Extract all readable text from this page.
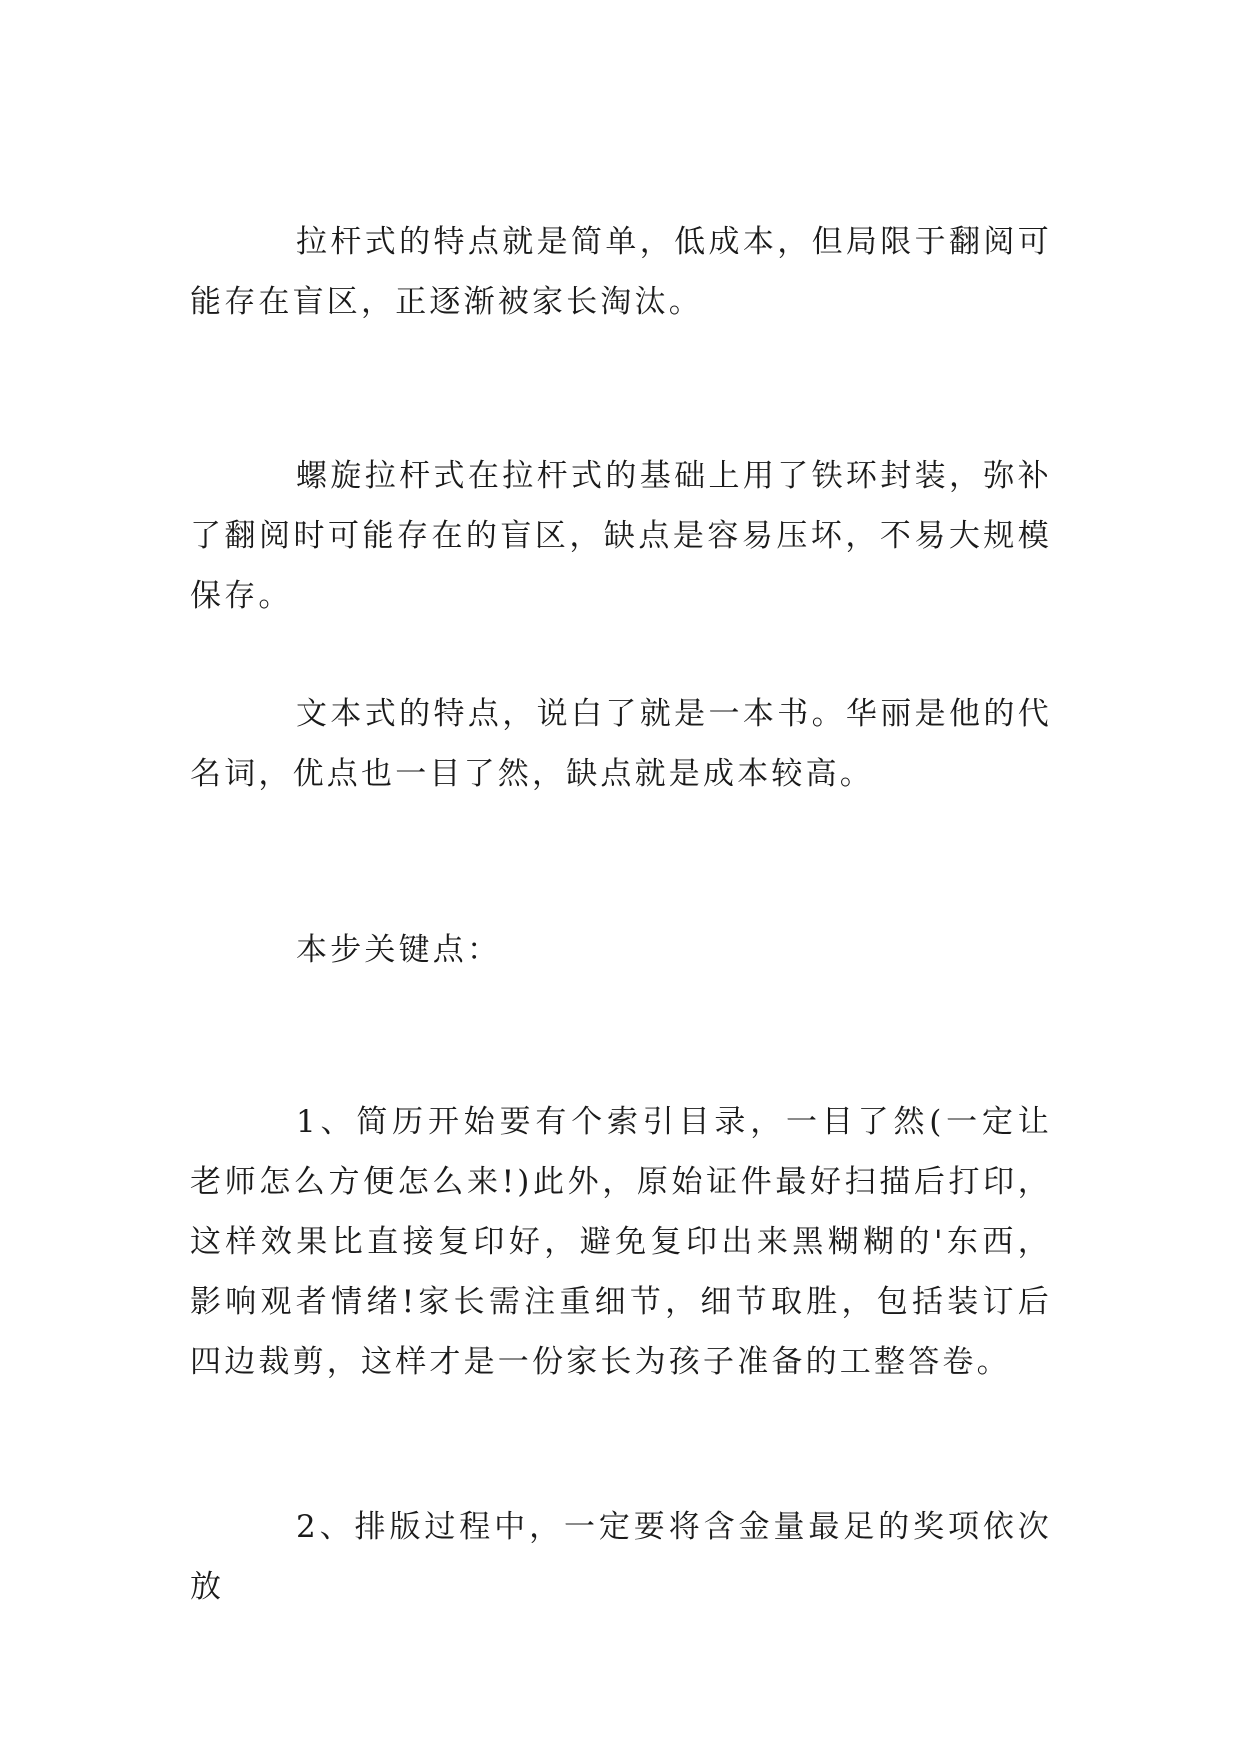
拉杆式的特点就是简单，低成本，但局限于翻阅可能存在盲区，正逐渐被家长淘汰。

螺旋拉杆式在拉杆式的基础上用了铁环封装，弥补了翻阅时可能存在的盲区，缺点是容易压坏，不易大规模保存。

文本式的特点，说白了就是一本书。华丽是他的代名词，优点也一目了然，缺点就是成本较高。

本步关键点：

1、简历开始要有个索引目录，一目了然(一定让老师怎么方便怎么来!)此外，原始证件最好扫描后打印，这样效果比直接复印好，避免复印出来黑糊糊的'东西，影响观者情绪!家长需注重细节，细节取胜，包括装订后四边裁剪，这样才是一份家长为孩子准备的工整答卷。

2、排版过程中，一定要将含金量最足的奖项依次放
